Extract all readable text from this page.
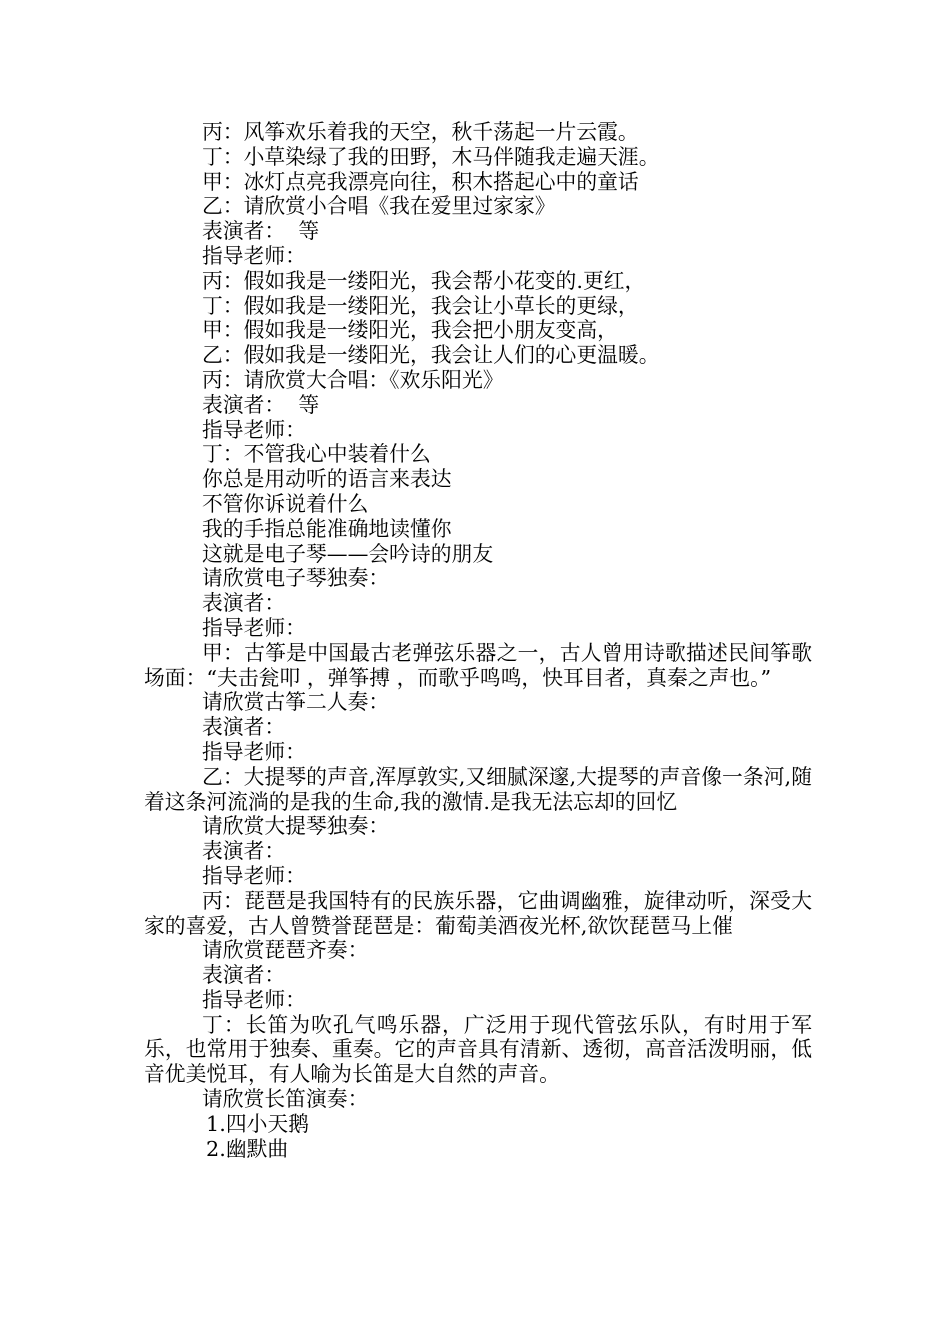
丙：风筝欢乐着我的天空，秋千荡起一片云霞。
丁：小草染绿了我的田野，木马伴随我走遍天涯。
甲：冰灯点亮我漂亮向往，积木搭起心中的童话
乙：请欣赏小合唱《我在爱里过家家》
表演者：  等
指导老师：
丙：假如我是一缕阳光，我会帮小花变的.更红，
丁：假如我是一缕阳光，我会让小草长的更绿，
甲：假如我是一缕阳光，我会把小朋友变高，
乙：假如我是一缕阳光，我会让人们的心更温暖。
丙：请欣赏大合唱：《欢乐阳光》
表演者：  等
指导老师：
丁：不管我心中装着什么
你总是用动听的语言来表达
不管你诉说着什么
我的手指总能准确地读懂你
这就是电子琴——会吟诗的朋友
请欣赏电子琴独奏：
表演者：
指导老师：
甲：古筝是中国最古老弹弦乐器之一，古人曾用诗歌描述民间筝歌场面：“夫击瓮叩 ，弹筝搏 ，而歌乎鸣鸣，快耳目者，真秦之声也。”
请欣赏古筝二人奏：
表演者：
指导老师：
乙：大提琴的声音,浑厚敦实,又细腻深邃,大提琴的声音像一条河,随着这条河流淌的是我的生命,我的激情.是我无法忘却的回忆
请欣赏大提琴独奏：
表演者：
指导老师：
丙：琵琶是我国特有的民族乐器，它曲调幽雅，旋律动听，深受大家的喜爱，古人曾赞誉琵琶是：葡萄美酒夜光杯,欲饮琵琶马上催
请欣赏琵琶齐奏：
表演者：
指导老师：
丁：长笛为吹孔气鸣乐器，广泛用于现代管弦乐队，有时用于军乐，也常用于独奏、重奏。它的声音具有清新、透彻，高音活泼明丽，低音优美悦耳，有人喻为长笛是大自然的声音。
请欣赏长笛演奏：
1.四小天鹅
2.幽默曲
